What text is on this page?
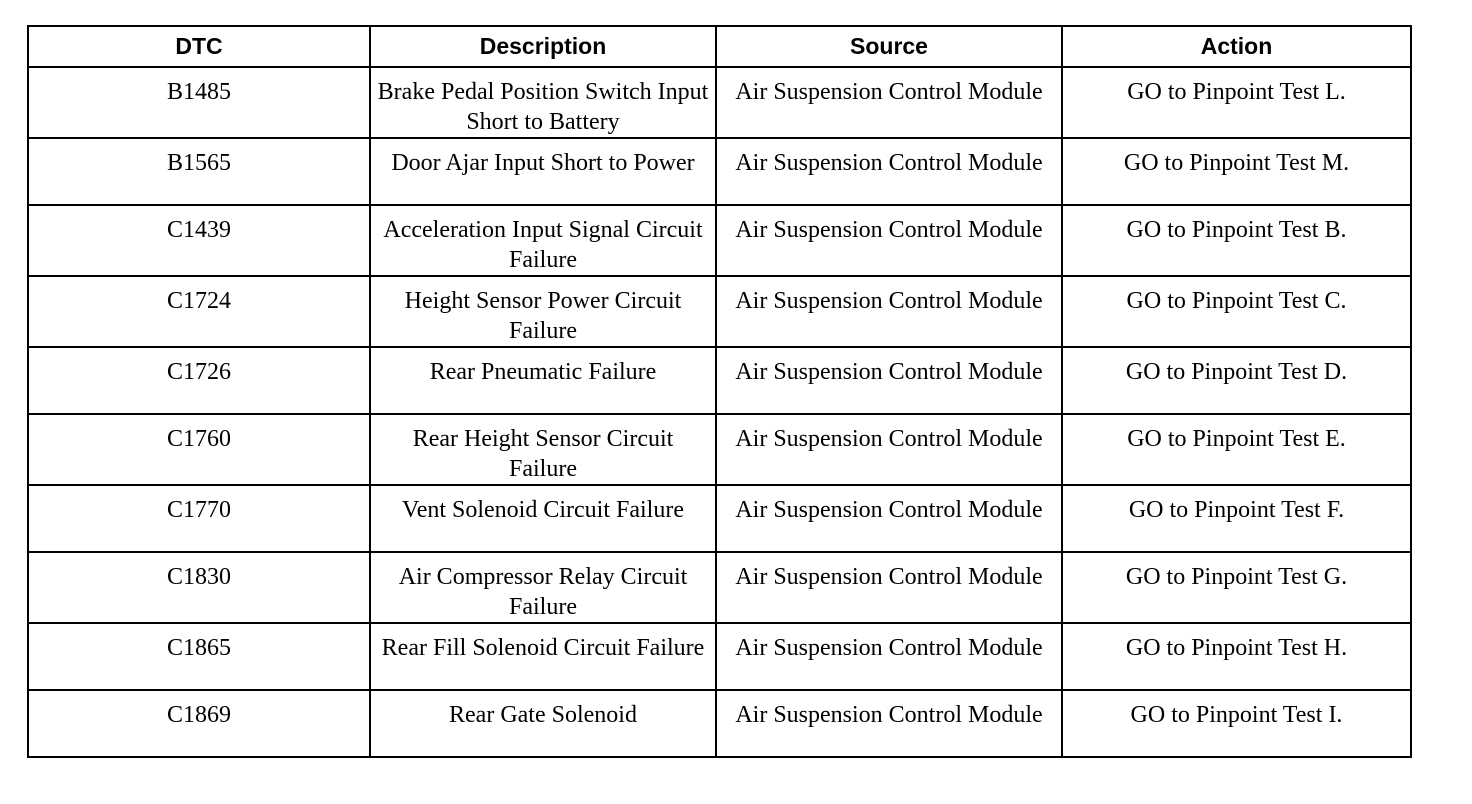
DTC	Description	Source	Action
B1485	Brake Pedal Position Switch Input Short to Battery	Air Suspension Control Module	GO to Pinpoint Test L.
B1565	Door Ajar Input Short to Power	Air Suspension Control Module	GO to Pinpoint Test M.
C1439	Acceleration Input Signal Circuit Failure	Air Suspension Control Module	GO to Pinpoint Test B.
C1724	Height Sensor Power Circuit Failure	Air Suspension Control Module	GO to Pinpoint Test C.
C1726	Rear Pneumatic Failure	Air Suspension Control Module	GO to Pinpoint Test D.
C1760	Rear Height Sensor Circuit Failure	Air Suspension Control Module	GO to Pinpoint Test E.
C1770	Vent Solenoid Circuit Failure	Air Suspension Control Module	GO to Pinpoint Test F.
C1830	Air Compressor Relay Circuit Failure	Air Suspension Control Module	GO to Pinpoint Test G.
C1865	Rear Fill Solenoid Circuit Failure	Air Suspension Control Module	GO to Pinpoint Test H.
C1869	Rear Gate Solenoid	Air Suspension Control Module	GO to Pinpoint Test I.
